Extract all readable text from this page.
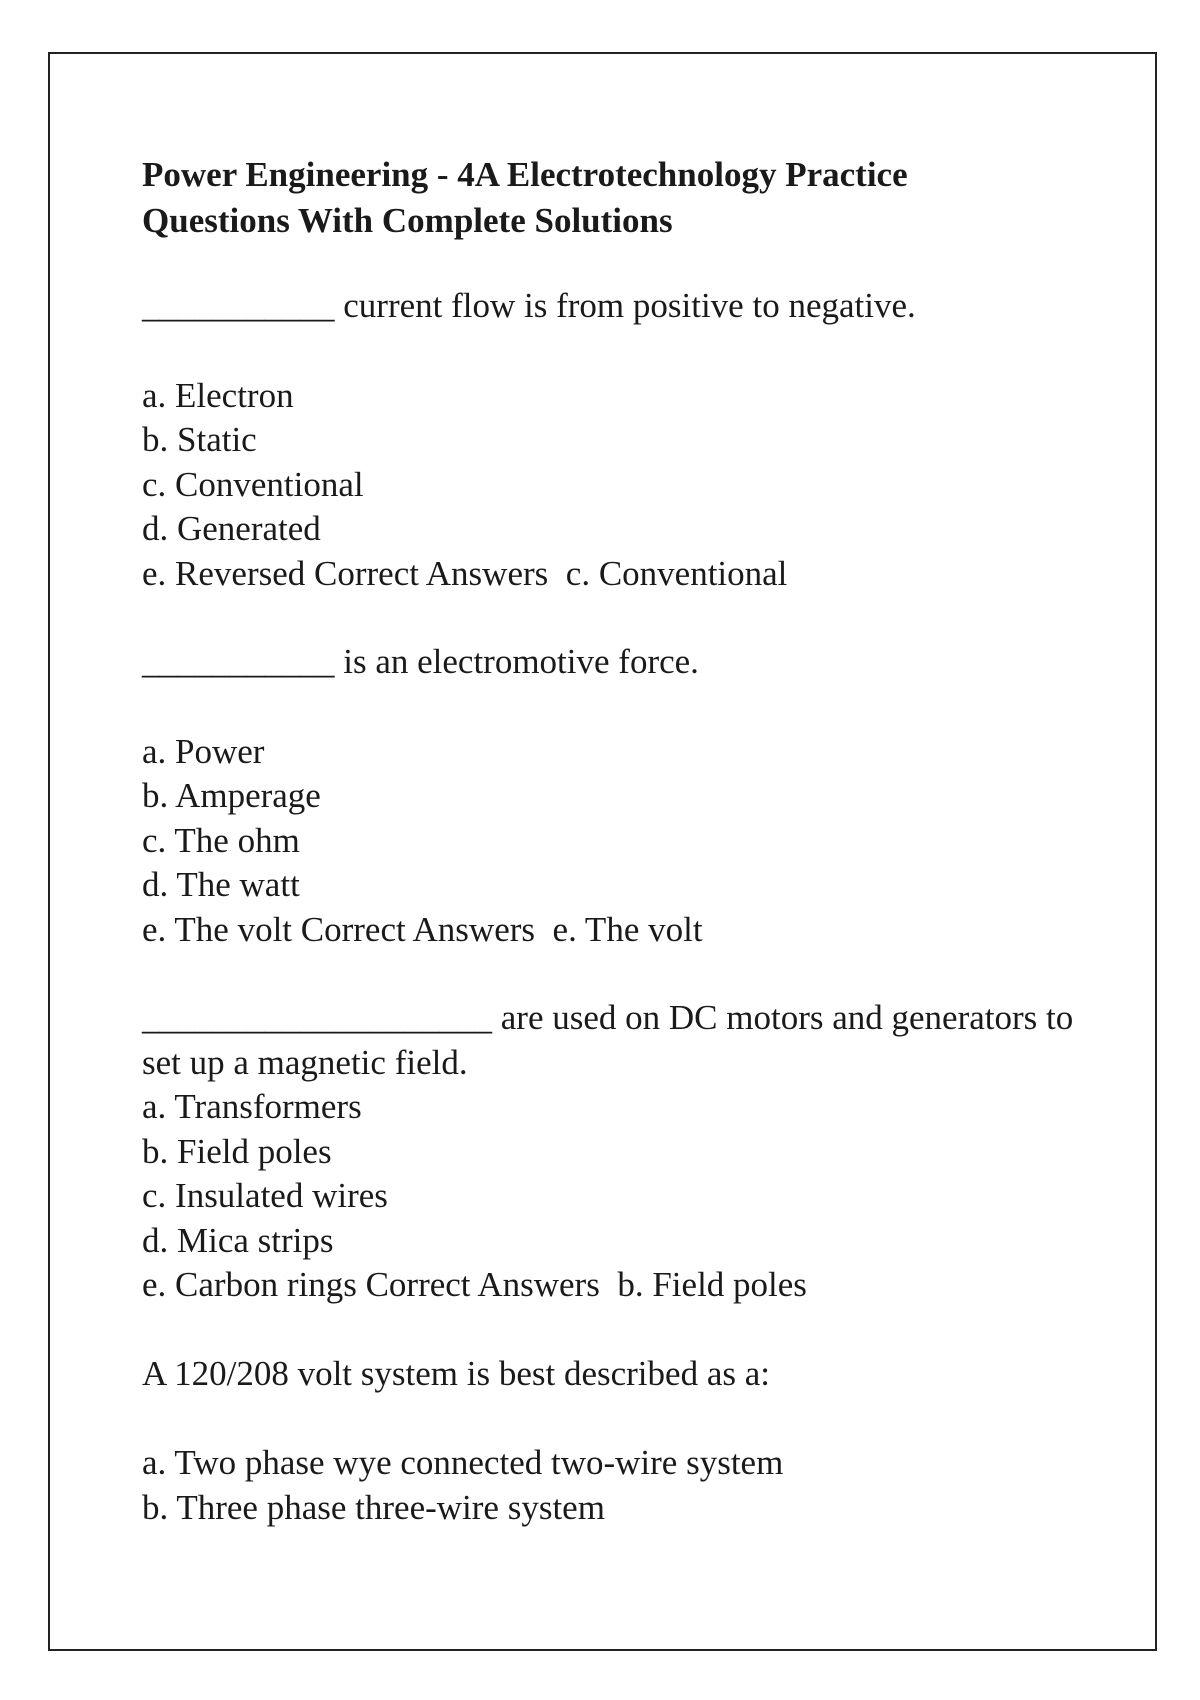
Power Engineering - 4A Electrotechnology Practice

Questions With Complete Solutions

___________ current flow is from positive to negative.

a. Electron

b. Static

c. Conventional

d. Generated

e. Reversed Correct Answers  c. Conventional

___________ is an electromotive force.

a. Power

b. Amperage

c. The ohm

d. The watt

e. The volt Correct Answers  e. The volt

____________________ are used on DC motors and generators to set up a magnetic field.

a. Transformers

b. Field poles

c. Insulated wires

d. Mica strips

e. Carbon rings Correct Answers  b. Field poles

A 120/208 volt system is best described as a:

a. Two phase wye connected two-wire system

b. Three phase three-wire system
